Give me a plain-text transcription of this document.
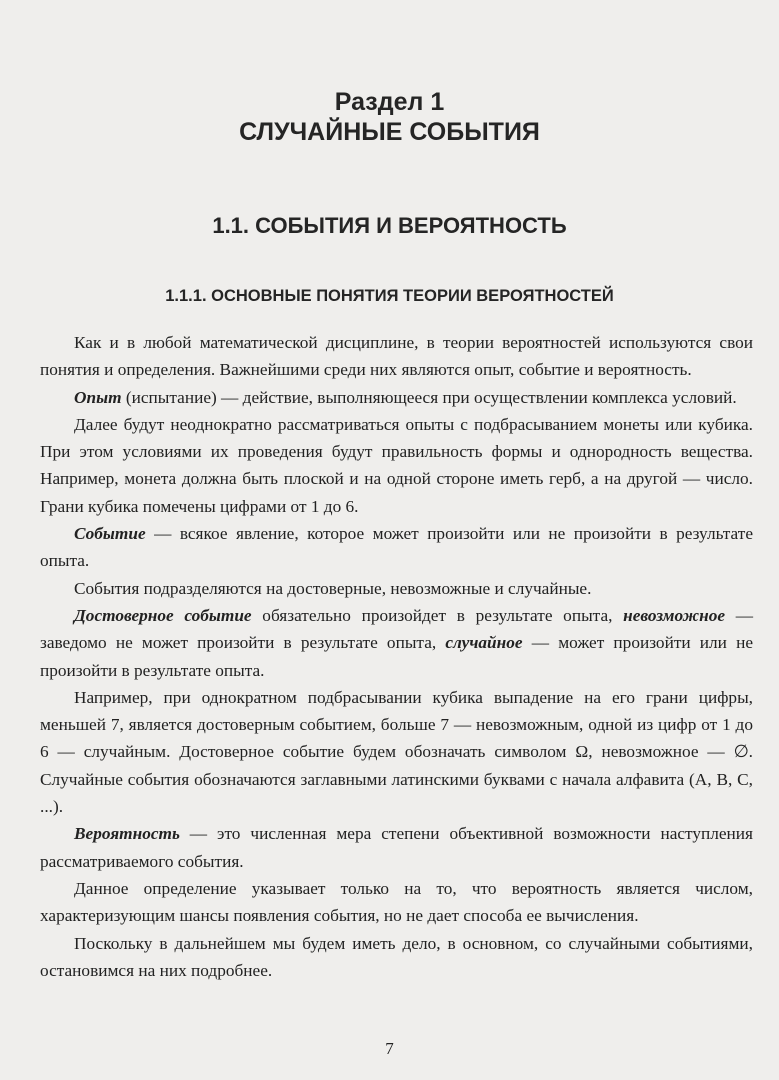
Раздел 1
СЛУЧАЙНЫЕ СОБЫТИЯ
1.1. СОБЫТИЯ И ВЕРОЯТНОСТЬ
1.1.1. ОСНОВНЫЕ ПОНЯТИЯ ТЕОРИИ ВЕРОЯТНОСТЕЙ

Как и в любой математической дисциплине, в теории вероятностей используются свои понятия и определения. Важнейшими среди них являются опыт, событие и вероятность.

Опыт (испытание) — действие, выполняющееся при осуществлении комплекса условий.

Далее будут неоднократно рассматриваться опыты с подбрасыванием монеты или кубика. При этом условиями их проведения будут правильность формы и однородность вещества. Например, монета должна быть плоской и на одной стороне иметь герб, а на другой — число. Грани кубика помечены цифрами от 1 до 6.

Событие — всякое явление, которое может произойти или не произойти в результате опыта.

События подразделяются на достоверные, невозможные и случайные.

Достоверное событие обязательно произойдет в результате опыта, невозможное — заведомо не может произойти в результате опыта, случайное — может произойти или не произойти в результате опыта.

Например, при однократном подбрасывании кубика выпадение на его грани цифры, меньшей 7, является достоверным событием, больше 7 — невозможным, одной из цифр от 1 до 6 — случайным. Достоверное событие будем обозначать символом Ω, невозможное — ∅. Случайные события обозначаются заглавными латинскими буквами с начала алфавита (A, B, C, ...).

Вероятность — это численная мера степени объективной возможности наступления рассматриваемого события.

Данное определение указывает только на то, что вероятность является числом, характеризующим шансы появления события, но не дает способа ее вычисления.

Поскольку в дальнейшем мы будем иметь дело, в основном, со случайными событиями, остановимся на них подробнее.

7
